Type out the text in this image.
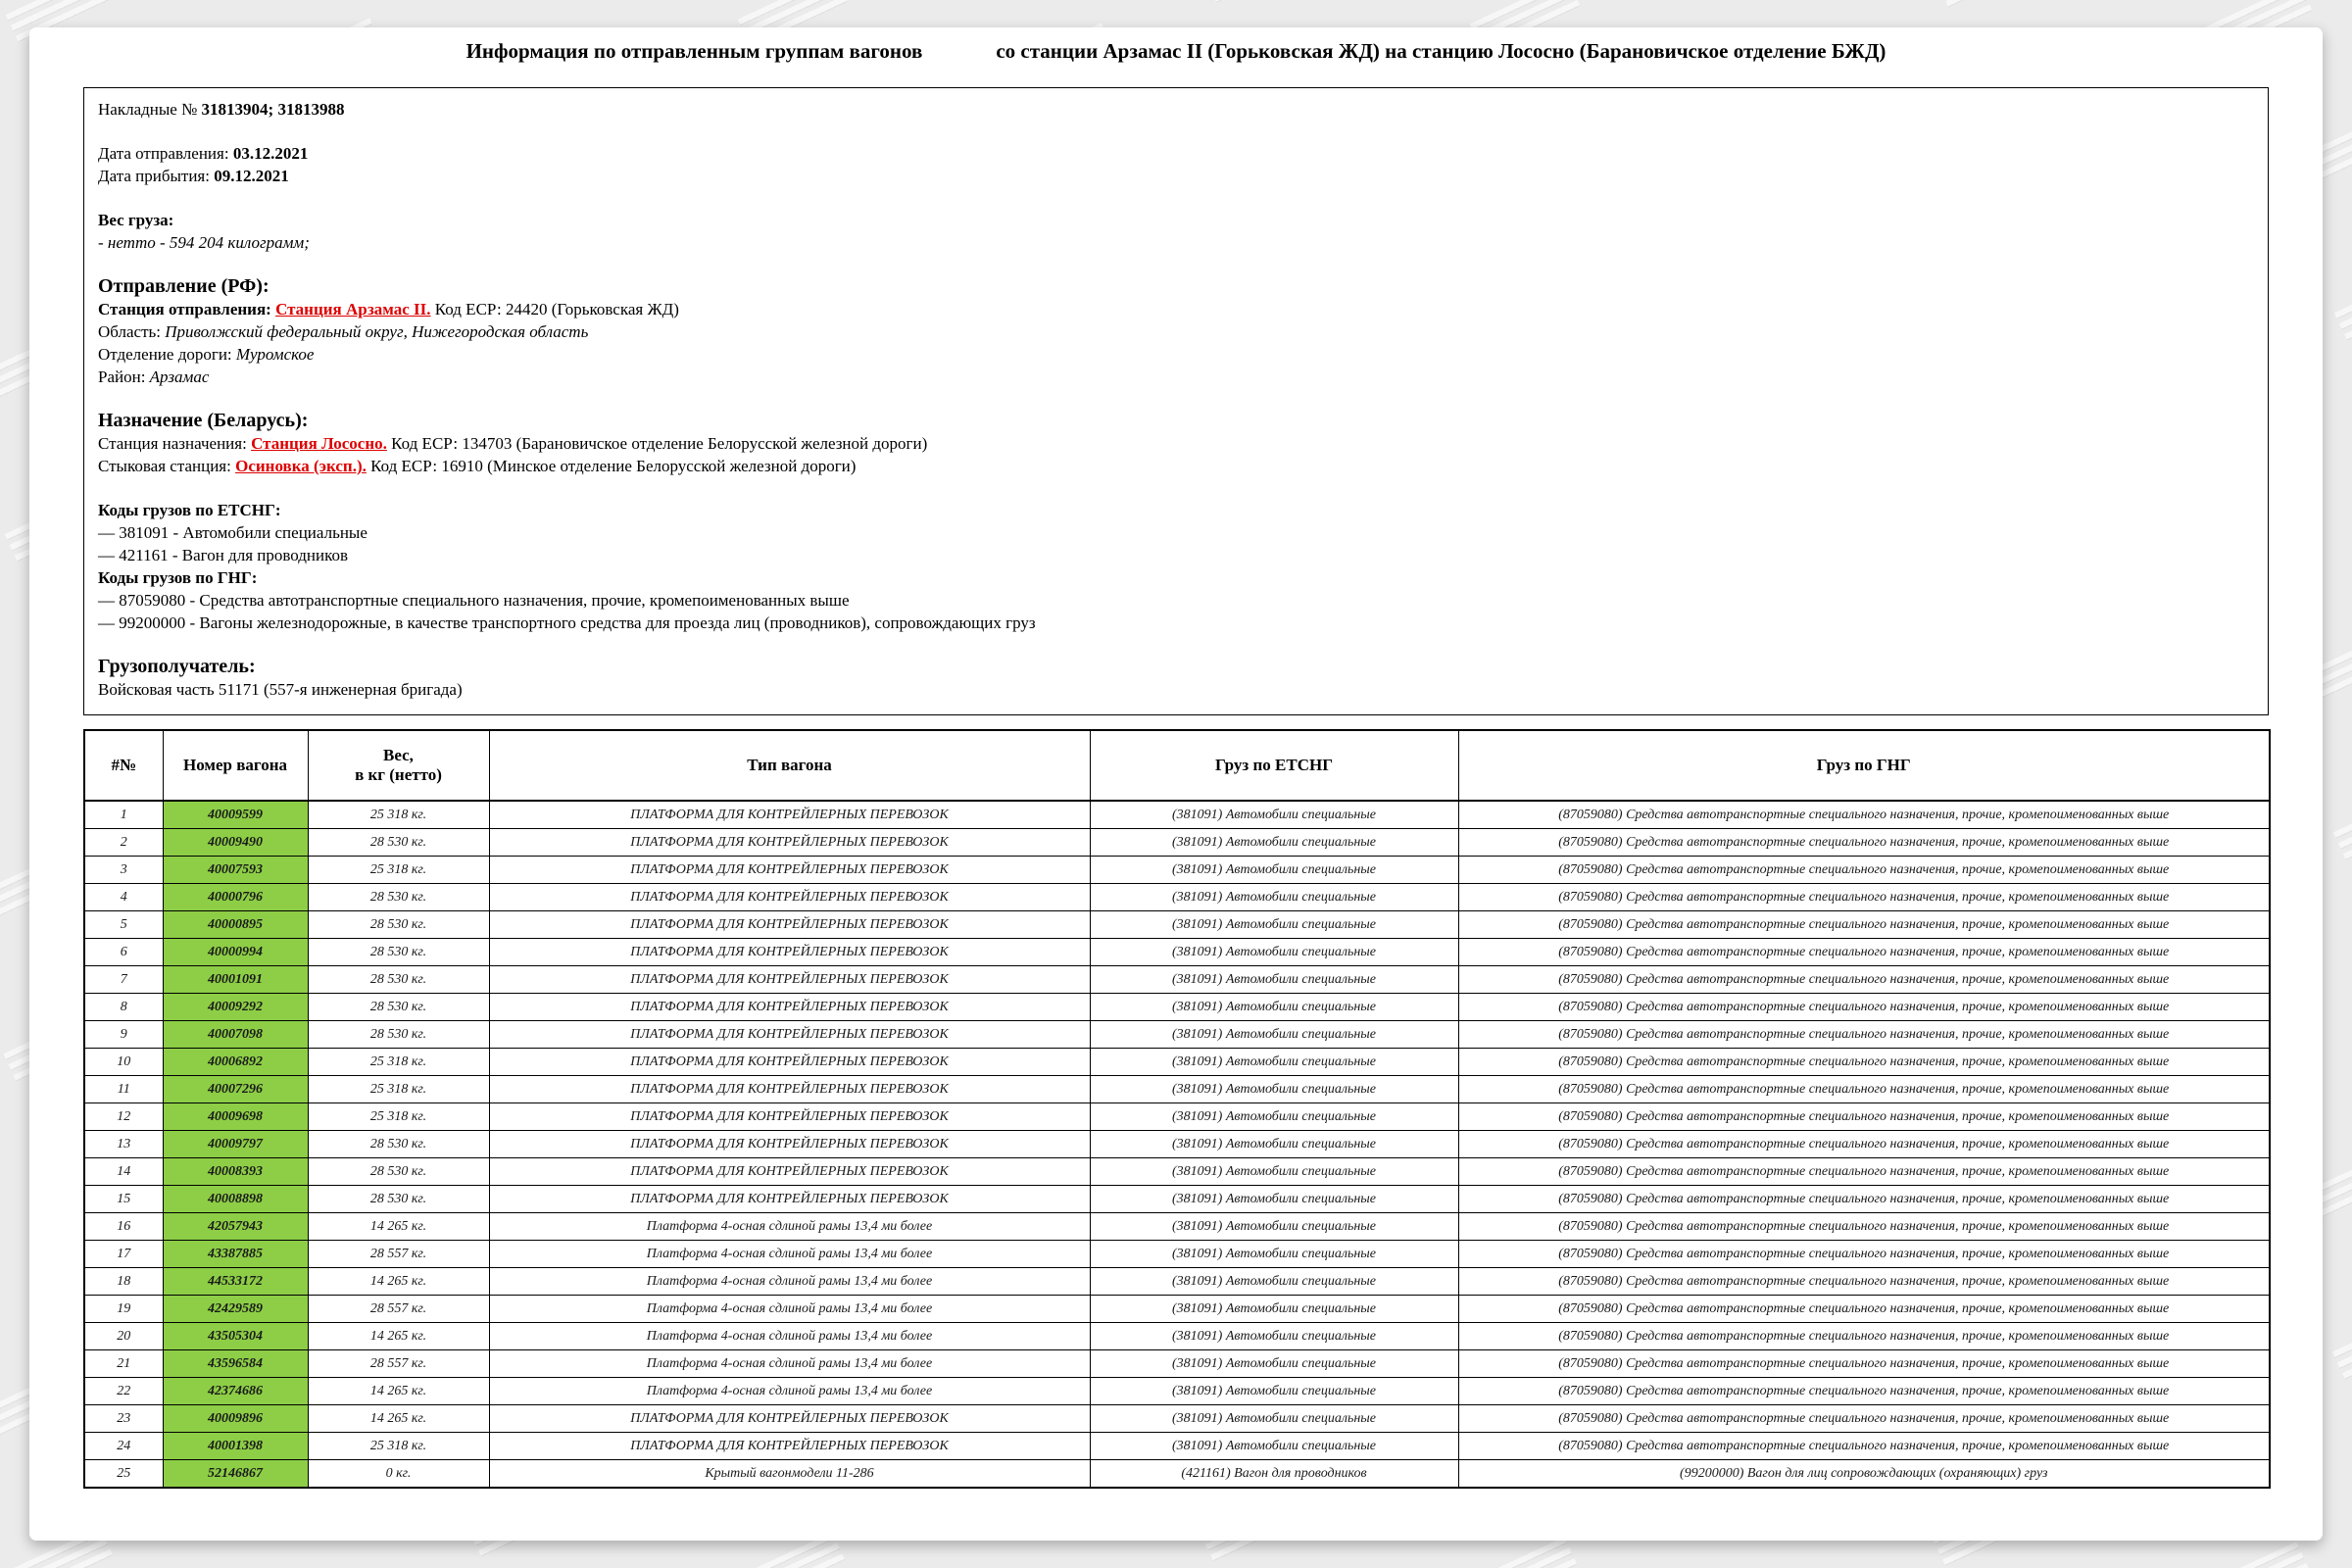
Информация по отправленным группам вагонов	со станции Арзамас II (Горьковская ЖД) на станцию Лососно (Барановичское отделение БЖД)
Накладные № 31813904; 31813988
Дата отправления: 03.12.2021
Дата прибытия: 09.12.2021
Вес груза:
- нетто - 594 204 килограмм;
Отправление (РФ):
Станция отправления: Станция Арзамас II. Код ЕСР: 24420 (Горьковская ЖД)
Область: Приволжский федеральный округ, Нижегородская область
Отделение дороги: Муромское
Район: Арзамас
Назначение (Беларусь):
Станция назначения: Станция Лососно. Код ЕСР: 134703 (Барановичское отделение Белорусской железной дороги)
Стыковая станция: Осиновка (эксп.). Код ЕСР: 16910 (Минское отделение Белорусской железной дороги)
Коды грузов по ЕТСНГ:
— 381091 - Автомобили специальные
— 421161 - Вагон для проводников
Коды грузов по ГНГ:
— 87059080 - Средства автотранспортные специального назначения, прочие, кромепоименованных выше
— 99200000 - Вагоны железнодорожные, в качестве транспортного средства для проезда лиц (проводников), сопровождающих груз
Грузополучатель:
Войсковая часть 51171 (557-я инженерная бригада)
#№	Номер вагона	Вес,
в кг (нетто)	Тип вагона	Груз по ЕТСНГ	Груз по ГНГ
1	40009599	25 318 кг.	ПЛАТФОРМА ДЛЯ КОНТРЕЙЛЕРНЫХ ПЕРЕВОЗОК	(381091) Автомобили специальные	(87059080) Средства автотранспортные специального назначения, прочие, кромепоименованных выше
2	40009490	28 530 кг.	ПЛАТФОРМА ДЛЯ КОНТРЕЙЛЕРНЫХ ПЕРЕВОЗОК	(381091) Автомобили специальные	(87059080) Средства автотранспортные специального назначения, прочие, кромепоименованных выше
3	40007593	25 318 кг.	ПЛАТФОРМА ДЛЯ КОНТРЕЙЛЕРНЫХ ПЕРЕВОЗОК	(381091) Автомобили специальные	(87059080) Средства автотранспортные специального назначения, прочие, кромепоименованных выше
4	40000796	28 530 кг.	ПЛАТФОРМА ДЛЯ КОНТРЕЙЛЕРНЫХ ПЕРЕВОЗОК	(381091) Автомобили специальные	(87059080) Средства автотранспортные специального назначения, прочие, кромепоименованных выше
5	40000895	28 530 кг.	ПЛАТФОРМА ДЛЯ КОНТРЕЙЛЕРНЫХ ПЕРЕВОЗОК	(381091) Автомобили специальные	(87059080) Средства автотранспортные специального назначения, прочие, кромепоименованных выше
6	40000994	28 530 кг.	ПЛАТФОРМА ДЛЯ КОНТРЕЙЛЕРНЫХ ПЕРЕВОЗОК	(381091) Автомобили специальные	(87059080) Средства автотранспортные специального назначения, прочие, кромепоименованных выше
7	40001091	28 530 кг.	ПЛАТФОРМА ДЛЯ КОНТРЕЙЛЕРНЫХ ПЕРЕВОЗОК	(381091) Автомобили специальные	(87059080) Средства автотранспортные специального назначения, прочие, кромепоименованных выше
8	40009292	28 530 кг.	ПЛАТФОРМА ДЛЯ КОНТРЕЙЛЕРНЫХ ПЕРЕВОЗОК	(381091) Автомобили специальные	(87059080) Средства автотранспортные специального назначения, прочие, кромепоименованных выше
9	40007098	28 530 кг.	ПЛАТФОРМА ДЛЯ КОНТРЕЙЛЕРНЫХ ПЕРЕВОЗОК	(381091) Автомобили специальные	(87059080) Средства автотранспортные специального назначения, прочие, кромепоименованных выше
10	40006892	25 318 кг.	ПЛАТФОРМА ДЛЯ КОНТРЕЙЛЕРНЫХ ПЕРЕВОЗОК	(381091) Автомобили специальные	(87059080) Средства автотранспортные специального назначения, прочие, кромепоименованных выше
11	40007296	25 318 кг.	ПЛАТФОРМА ДЛЯ КОНТРЕЙЛЕРНЫХ ПЕРЕВОЗОК	(381091) Автомобили специальные	(87059080) Средства автотранспортные специального назначения, прочие, кромепоименованных выше
12	40009698	25 318 кг.	ПЛАТФОРМА ДЛЯ КОНТРЕЙЛЕРНЫХ ПЕРЕВОЗОК	(381091) Автомобили специальные	(87059080) Средства автотранспортные специального назначения, прочие, кромепоименованных выше
13	40009797	28 530 кг.	ПЛАТФОРМА ДЛЯ КОНТРЕЙЛЕРНЫХ ПЕРЕВОЗОК	(381091) Автомобили специальные	(87059080) Средства автотранспортные специального назначения, прочие, кромепоименованных выше
14	40008393	28 530 кг.	ПЛАТФОРМА ДЛЯ КОНТРЕЙЛЕРНЫХ ПЕРЕВОЗОК	(381091) Автомобили специальные	(87059080) Средства автотранспортные специального назначения, прочие, кромепоименованных выше
15	40008898	28 530 кг.	ПЛАТФОРМА ДЛЯ КОНТРЕЙЛЕРНЫХ ПЕРЕВОЗОК	(381091) Автомобили специальные	(87059080) Средства автотранспортные специального назначения, прочие, кромепоименованных выше
16	42057943	14 265 кг.	Платформа 4-осная сдлиной рамы 13,4 ми более	(381091) Автомобили специальные	(87059080) Средства автотранспортные специального назначения, прочие, кромепоименованных выше
17	43387885	28 557 кг.	Платформа 4-осная сдлиной рамы 13,4 ми более	(381091) Автомобили специальные	(87059080) Средства автотранспортные специального назначения, прочие, кромепоименованных выше
18	44533172	14 265 кг.	Платформа 4-осная сдлиной рамы 13,4 ми более	(381091) Автомобили специальные	(87059080) Средства автотранспортные специального назначения, прочие, кромепоименованных выше
19	42429589	28 557 кг.	Платформа 4-осная сдлиной рамы 13,4 ми более	(381091) Автомобили специальные	(87059080) Средства автотранспортные специального назначения, прочие, кромепоименованных выше
20	43505304	14 265 кг.	Платформа 4-осная сдлиной рамы 13,4 ми более	(381091) Автомобили специальные	(87059080) Средства автотранспортные специального назначения, прочие, кромепоименованных выше
21	43596584	28 557 кг.	Платформа 4-осная сдлиной рамы 13,4 ми более	(381091) Автомобили специальные	(87059080) Средства автотранспортные специального назначения, прочие, кромепоименованных выше
22	42374686	14 265 кг.	Платформа 4-осная сдлиной рамы 13,4 ми более	(381091) Автомобили специальные	(87059080) Средства автотранспортные специального назначения, прочие, кромепоименованных выше
23	40009896	14 265 кг.	ПЛАТФОРМА ДЛЯ КОНТРЕЙЛЕРНЫХ ПЕРЕВОЗОК	(381091) Автомобили специальные	(87059080) Средства автотранспортные специального назначения, прочие, кромепоименованных выше
24	40001398	25 318 кг.	ПЛАТФОРМА ДЛЯ КОНТРЕЙЛЕРНЫХ ПЕРЕВОЗОК	(381091) Автомобили специальные	(87059080) Средства автотранспортные специального назначения, прочие, кромепоименованных выше
25	52146867	0 кг.	Крытый вагонмодели 11-286	(421161) Вагон для проводников	(99200000) Вагон для лиц сопровождающих (охраняющих) груз
